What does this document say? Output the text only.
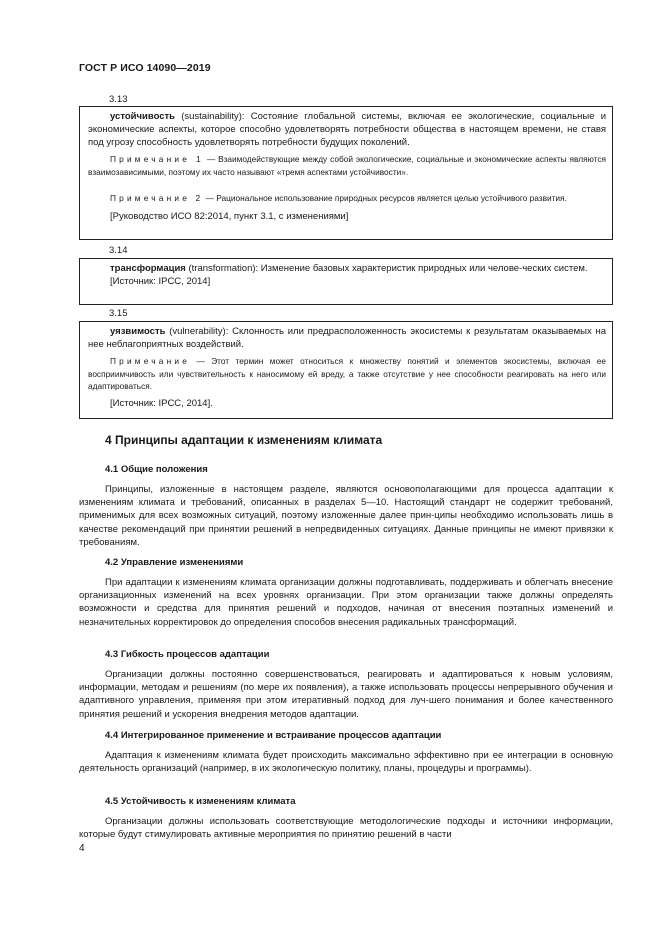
ГОСТ Р ИСО 14090—2019
3.13

устойчивость (sustainability): Состояние глобальной системы, включая ее экологические, социальные и экономические аспекты, которое способно удовлетворять потребности общества в настоящем времени, не ставя под угрозу способность удовлетворять потребности будущих поколений.

Примечание 1 — Взаимодействующие между собой экологические, социальные и экономические аспекты являются взаимозависимыми, поэтому их часто называют «тремя аспектами устойчивости».

Примечание 2 — Рациональное использование природных ресурсов является целью устойчивого развития.

[Руководство ИСО 82:2014, пункт 3.1, с изменениями]

3.14

трансформация (transformation): Изменение базовых характеристик природных или челове-ческих систем.

[Источник: IPCC, 2014]

3.15

уязвимость (vulnerability): Склонность или предрасположенность экосистемы к результатам оказываемых на нее неблагоприятных воздействий.

Примечание — Этот термин может относиться к множеству понятий и элементов экосистемы, включая ее восприимчивость или чувствительность к наносимому ей вреду, а также отсутствие у нее способности реагировать на него или адаптироваться.

[Источник: IPCC, 2014].

4 Принципы адаптации к изменениям климата

4.1 Общие положения

Принципы, изложенные в настоящем разделе, являются основополагающими для процесса адаптации к изменениям климата и требований, описанных в разделах 5—10. Настоящий стандарт не содержит требований, применимых для всех возможных ситуаций, поэтому изложенные далее прин-ципы необходимо использовать лишь в качестве рекомендаций при принятии решений в непредвиденных ситуациях. Данные принципы не имеют привязки к требованиям.

4.2 Управление изменениями

При адаптации к изменениям климата организации должны подготавливать, поддерживать и облегчать внесение организационных изменений на всех уровнях организации. При этом организации также должны определять возможности и средства для принятия решений и подходов, начиная от внесения поэтапных изменений и незначительных корректировок до определения способов внесения радикальных трансформаций.

4.3 Гибкость процессов адаптации

Организации должны постоянно совершенствоваться, реагировать и адаптироваться к новым условиям, информации, методам и решениям (по мере их появления), а также использовать процессы непрерывного обучения и адаптивного управления, применяя при этом итеративный подход для луч-шего понимания и более качественного принятия решений и ускорения внедрения методов адаптации.

4.4 Интегрированное применение и встраивание процессов адаптации

Адаптация к изменениям климата будет происходить максимально эффективно при ее интеграции в основную деятельность организаций (например, в их экологическую политику, планы, процедуры и программы).

4.5 Устойчивость к изменениям климата

Организации должны использовать соответствующие методологические подходы и источники информации, которые будут стимулировать активные мероприятия по принятию решений в части

4
